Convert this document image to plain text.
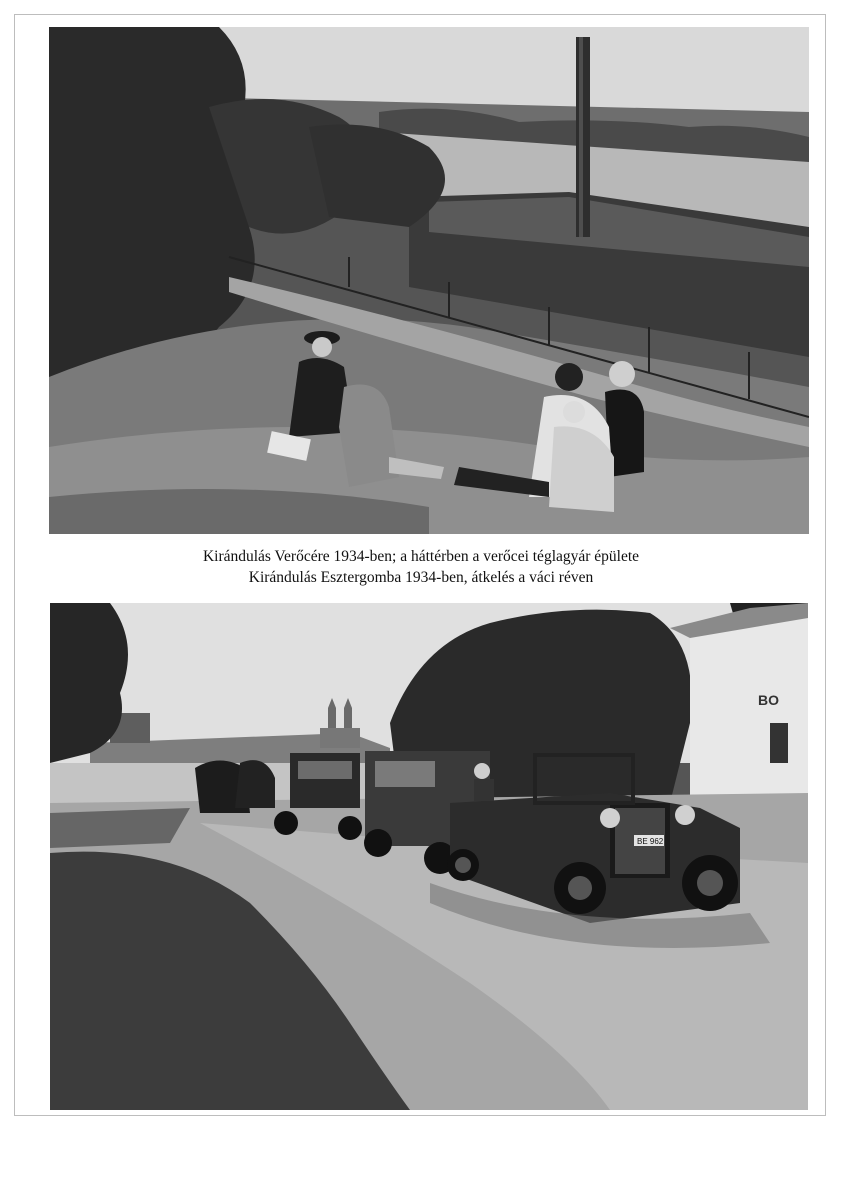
Kirándulás Verőcére 1934-ben; a háttérben a verőcei téglagyár épülete
Kirándulás Esztergomba 1934-ben, átkelés a váci réven
BO
BE 962
